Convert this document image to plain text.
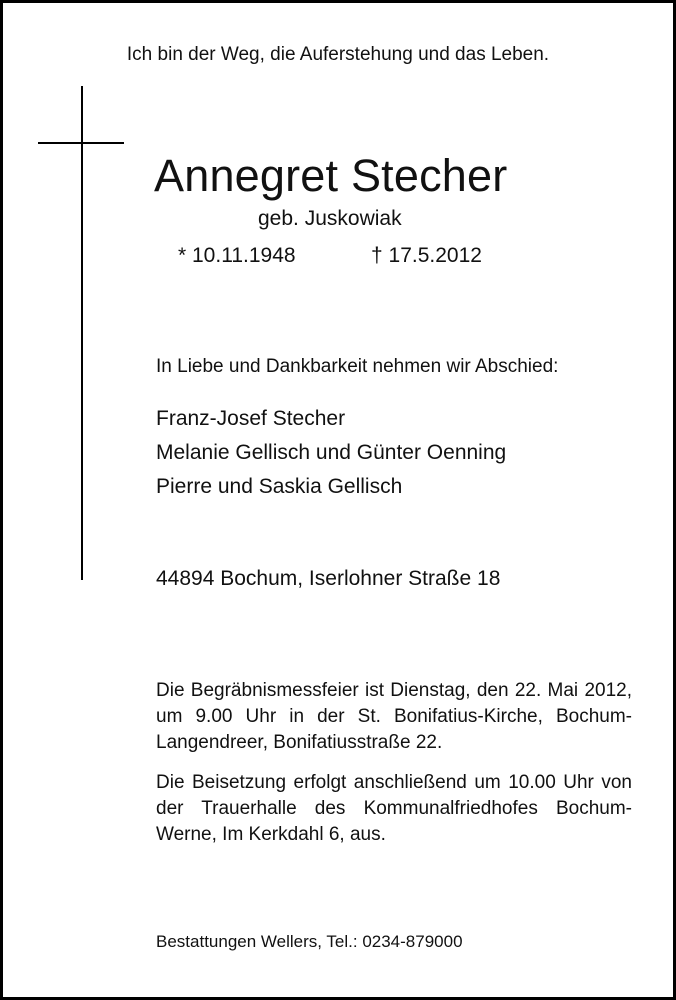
Ich bin der Weg, die Auferstehung und das Leben.
Annegret Stecher
geb. Juskowiak
* 10.11.1948	† 17.5.2012
In Liebe und Dankbarkeit nehmen wir Abschied:
Franz-Josef Stecher
Melanie Gellisch und Günter Oenning
Pierre und Saskia Gellisch
44894 Bochum, Iserlohner Straße 18
Die Begräbnismessfeier ist Dienstag, den 22. Mai 2012, um 9.00 Uhr in der St. Bonifatius-Kirche, Bochum-Langendreer, Bonifatiusstraße 22.
Die Beisetzung erfolgt anschließend um 10.00 Uhr von der Trauerhalle des Kommunalfriedhofes Bochum-Werne, Im Kerkdahl 6, aus.
Bestattungen Wellers, Tel.: 0234-879000
